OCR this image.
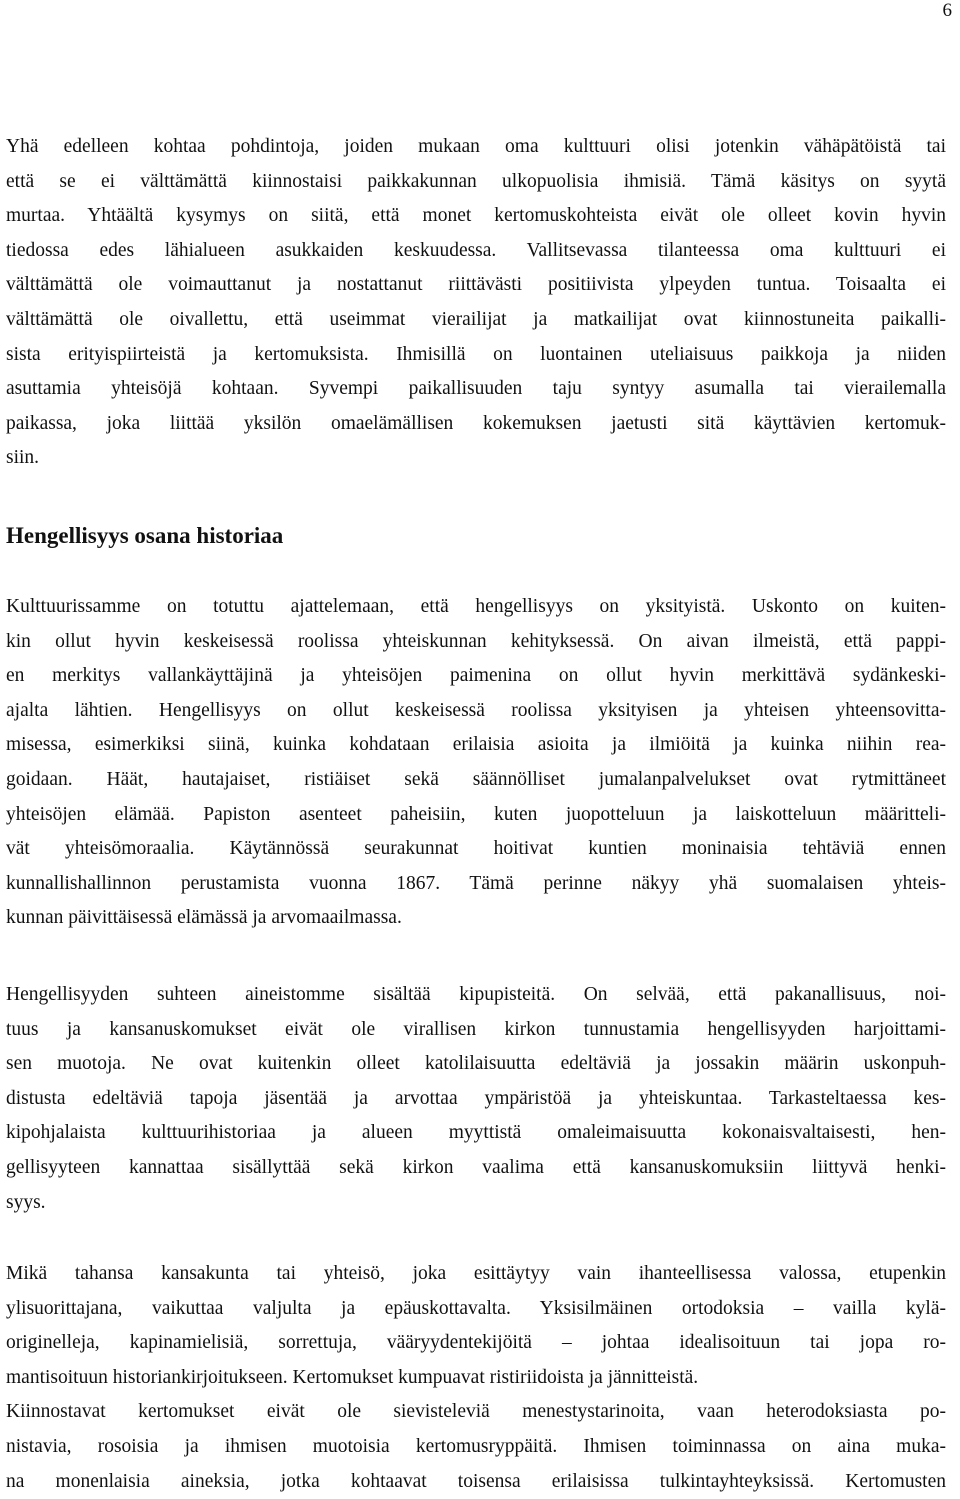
6
Yhä edelleen kohtaa pohdintoja, joiden mukaan oma kulttuuri olisi jotenkin vähäpätöistä tai
että se ei välttämättä kiinnostaisi paikkakunnan ulkopuolisia ihmisiä. Tämä käsitys on syytä
murtaa. Yhtäältä kysymys on siitä, että monet kertomuskohteista eivät ole olleet kovin hyvin
tiedossa edes lähialueen asukkaiden keskuudessa. Vallitsevassa tilanteessa oma kulttuuri ei
välttämättä ole voimauttanut ja nostattanut riittävästi positiivista ylpeyden tuntua. Toisaalta ei
välttämättä ole oivallettu, että useimmat vierailijat ja matkailijat ovat kiinnostuneita paikalli-
sista erityispiirteistä ja kertomuksista. Ihmisillä on luontainen uteliaisuus paikkoja ja niiden
asuttamia yhteisöjä kohtaan. Syvempi paikallisuuden taju syntyy asumalla tai vierailemalla
paikassa, joka liittää yksilön omaelämällisen kokemuksen jaetusti sitä käyttävien kertomuk-
siin.
Hengellisyys osana historiaa
Kulttuurissamme on totuttu ajattelemaan, että hengellisyys on yksityistä. Uskonto on kuiten-
kin ollut hyvin keskeisessä roolissa yhteiskunnan kehityksessä. On aivan ilmeistä, että pappi-
en merkitys vallankäyttäjinä ja yhteisöjen paimenina on ollut hyvin merkittävä sydänkeski-
ajalta lähtien. Hengellisyys on ollut keskeisessä roolissa yksityisen ja yhteisen yhteensovitta-
misessa, esimerkiksi siinä, kuinka kohdataan erilaisia asioita ja ilmiöitä ja kuinka niihin rea-
goidaan. Häät, hautajaiset, ristiäiset sekä säännölliset jumalanpalvelukset ovat rytmittäneet
yhteisöjen elämää. Papiston asenteet paheisiin, kuten juopotteluun ja laiskotteluun määritteli-
vät yhteisömoraalia. Käytännössä seurakunnat hoitivat kuntien moninaisia tehtäviä ennen
kunnallishallinnon perustamista vuonna 1867. Tämä perinne näkyy yhä suomalaisen yhteis-
kunnan päivittäisessä elämässä ja arvomaailmassa.
Hengellisyyden suhteen aineistomme sisältää kipupisteitä. On selvää, että pakanallisuus, noi-
tuus ja kansanuskomukset eivät ole virallisen kirkon tunnustamia hengellisyyden harjoittami-
sen muotoja. Ne ovat kuitenkin olleet katolilaisuutta edeltäviä ja jossakin määrin uskonpuh-
distusta edeltäviä tapoja jäsentää ja arvottaa ympäristöä ja yhteiskuntaa. Tarkasteltaessa kes-
kipohjalaista kulttuurihistoriaa ja alueen myyttistä omaleimaisuutta kokonaisvaltaisesti, hen-
gellisyyteen kannattaa sisällyttää sekä kirkon vaalima että kansanuskomuksiin liittyvä henki-
syys.
Mikä tahansa kansakunta tai yhteisö, joka esittäytyy vain ihanteellisessa valossa, etupenkin
ylisuorittajana, vaikuttaa valjulta ja epäuskottavalta. Yksisilmäinen ortodoksia – vailla kylä-
originelleja, kapinamielisiä, sorrettuja, vääryydentekijöitä – johtaa idealisoituun tai jopa ro-
mantisoituun historiankirjoitukseen. Kertomukset kumpuavat ristiriidoista ja jännitteistä.
Kiinnostavat kertomukset eivät ole sievisteleviä menestystarinoita, vaan heterodoksiasta po-
nistavia, rosoisia ja ihmisen muotoisia kertomusryppäitä. Ihmisen toiminnassa on aina muka-
na monenlaisia aineksia, jotka kohtaavat toisensa erilaisissa tulkintayhteyksissä. Kertomusten
